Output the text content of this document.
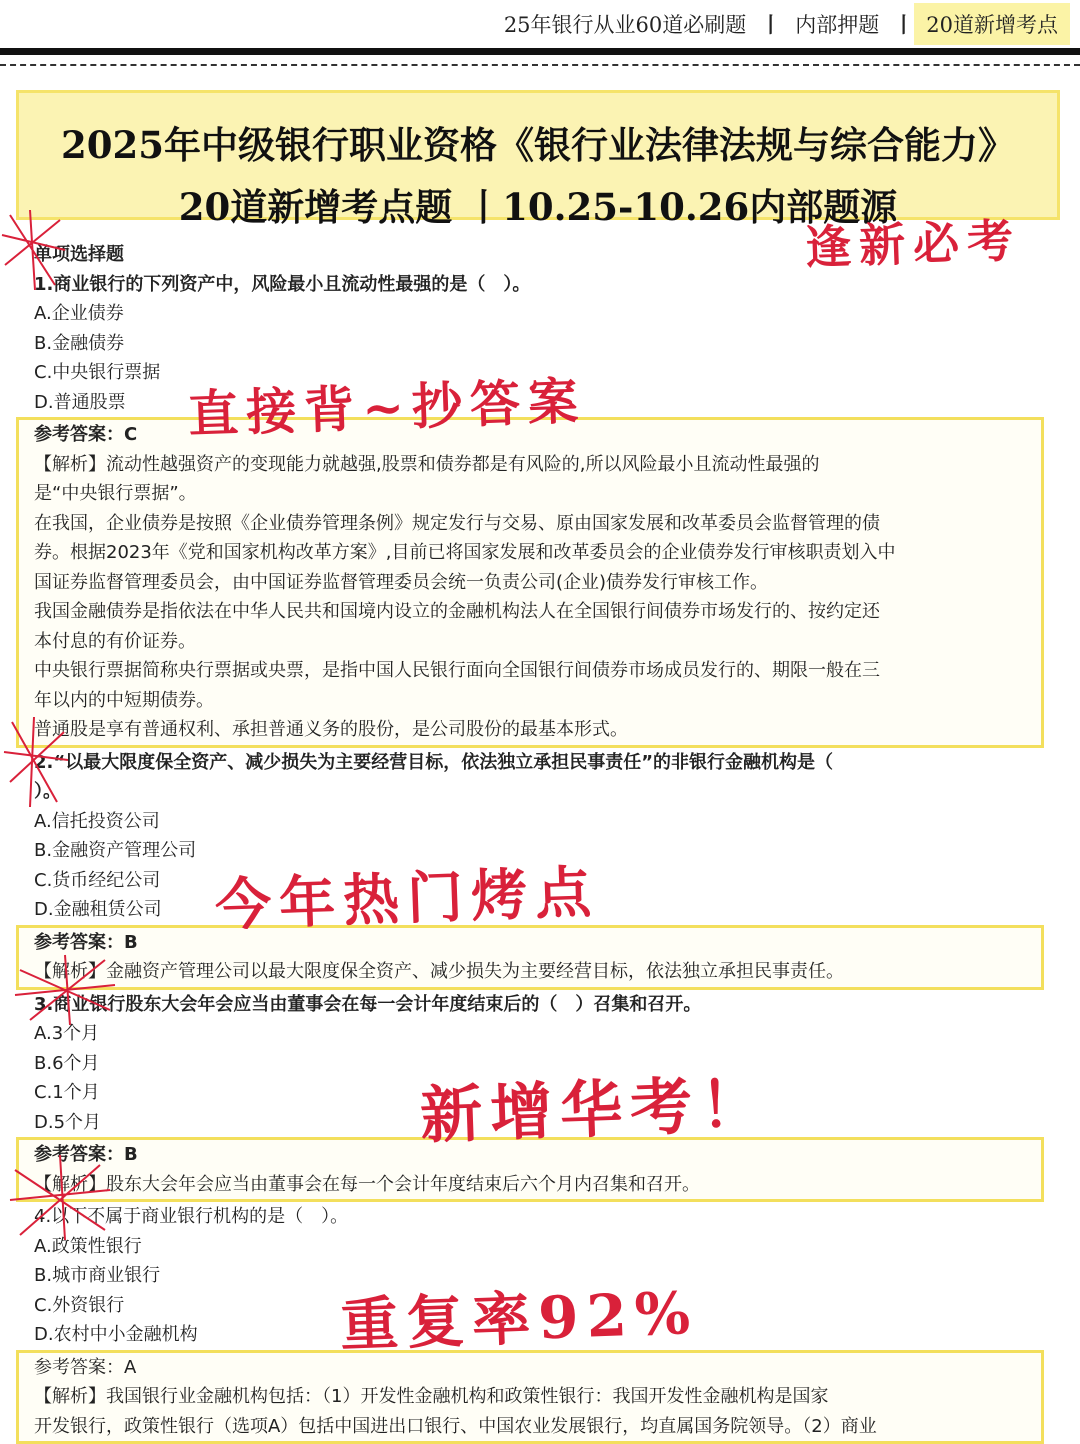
25年银行从业60道必刷题 丨 内部押题 丨 20道新增考点
2025年中级银行职业资格《银行业法律法规与综合能力》
20道新增考点题 丨10.25-10.26内部题源
单项选择题
1.商业银行的下列资产中，风险最小且流动性最强的是（　）。
A.企业债券
B.金融债券
C.中央银行票据
D.普通股票
参考答案：C
【解析】流动性越强资产的变现能力就越强,股票和债券都是有风险的,所以风险最小且流动性最强的
是“中央银行票据”。
在我国，企业债券是按照《企业债券管理条例》规定发行与交易、原由国家发展和改革委员会监督管理的债
券。根据2023年《党和国家机构改革方案》,目前已将国家发展和改革委员会的企业债券发行审核职责划入中
国证券监督管理委员会，由中国证券监督管理委员会统一负责公司(企业)债券发行审核工作。
我国金融债券是指依法在中华人民共和国境内设立的金融机构法人在全国银行间债券市场发行的、按约定还
本付息的有价证券。
中央银行票据简称央行票据或央票，是指中国人民银行面向全国银行间债券市场成员发行的、期限一般在三
年以内的中短期债券。
普通股是享有普通权利、承担普通义务的股份，是公司股份的最基本形式。
2.“以最大限度保全资产、减少损失为主要经营目标，依法独立承担民事责任”的非银行金融机构是（
）。
A.信托投资公司
B.金融资产管理公司
C.货币经纪公司
D.金融租赁公司
参考答案：B
【解析】金融资产管理公司以最大限度保全资产、减少损失为主要经营目标，依法独立承担民事责任。
3.商业银行股东大会年会应当由董事会在每一会计年度结束后的（　）召集和召开。
A.3个月
B.6个月
C.1个月
D.5个月
参考答案：B
【解析】股东大会年会应当由董事会在每一个会计年度结束后六个月内召集和召开。
4.以下不属于商业银行机构的是（　）。
A.政策性银行
B.城市商业银行
C.外资银行
D.农村中小金融机构
参考答案：A
【解析】我国银行业金融机构包括：（1）开发性金融机构和政策性银行：我国开发性金融机构是国家
开发银行，政策性银行（选项A）包括中国进出口银行、中国农业发展银行，均直属国务院领导。（2）商业
逢新必考
直接背~抄答案
今年热门烤点
新增华考！
重复率92%
